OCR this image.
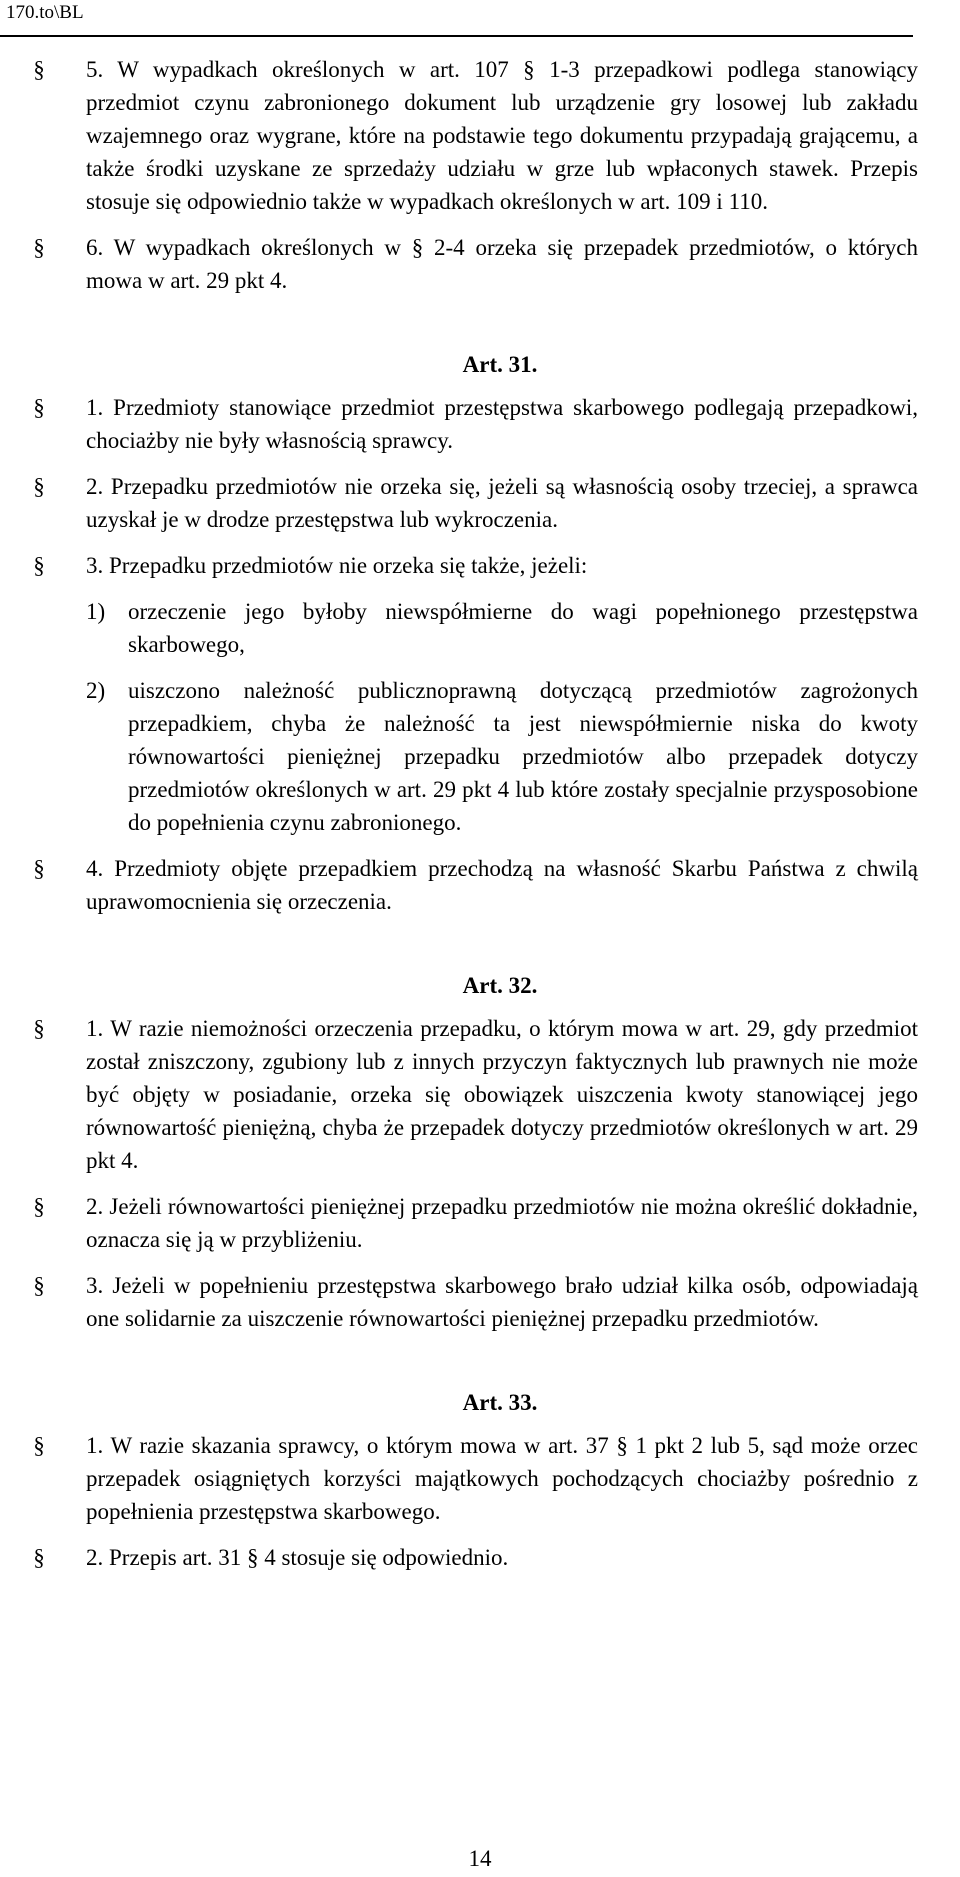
170.to\BL
§	5. W wypadkach określonych w art. 107 § 1-3 przepadkowi podlega stanowiący przedmiot czynu zabronionego dokument lub urządzenie gry losowej lub zakładu wzajemnego oraz wygrane, które na podstawie tego dokumentu przypadają grającemu, a także środki uzyskane ze sprzedaży udziału w grze lub wpłaconych stawek. Przepis stosuje się odpowiednio także w wypadkach określonych w art. 109 i 110.
§	6. W wypadkach określonych w § 2-4 orzeka się przepadek przedmiotów, o których mowa w art. 29 pkt 4.
Art. 31.
§	1. Przedmioty stanowiące przedmiot przestępstwa skarbowego podlegają przepadkowi, chociażby nie były własnością sprawcy.
§	2. Przepadku przedmiotów nie orzeka się, jeżeli są własnością osoby trzeciej, a sprawca uzyskał je w drodze przestępstwa lub wykroczenia.
§	3. Przepadku przedmiotów nie orzeka się także, jeżeli:
1) orzeczenie jego byłoby niewspółmierne do wagi popełnionego przestępstwa skarbowego,
2) uiszczono należność publicznoprawną dotyczącą przedmiotów zagrożonych przepadkiem, chyba że należność ta jest niewspółmiernie niska do kwoty równowartości pieniężnej przepadku przedmiotów albo przepadek dotyczy przedmiotów określonych w art. 29 pkt 4 lub które zostały specjalnie przysposobione do popełnienia czynu zabronionego.
§	4. Przedmioty objęte przepadkiem przechodzą na własność Skarbu Państwa z chwilą uprawomocnienia się orzeczenia.
Art. 32.
§	1. W razie niemożności orzeczenia przepadku, o którym mowa w art. 29, gdy przedmiot został zniszczony, zgubiony lub z innych przyczyn faktycznych lub prawnych nie może być objęty w posiadanie, orzeka się obowiązek uiszczenia kwoty stanowiącej jego równowartość pieniężną, chyba że przepadek dotyczy przedmiotów określonych w art. 29 pkt 4.
§	2. Jeżeli równowartości pieniężnej przepadku przedmiotów nie można określić dokładnie, oznacza się ją w przybliżeniu.
§	3. Jeżeli w popełnieniu przestępstwa skarbowego brało udział kilka osób, odpowiadają one solidarnie za uiszczenie równowartości pieniężnej przepadku przedmiotów.
Art. 33.
§	1. W razie skazania sprawcy, o którym mowa w art. 37 § 1 pkt 2 lub 5, sąd może orzec przepadek osiągniętych korzyści majątkowych pochodzących chociażby pośrednio z popełnienia przestępstwa skarbowego.
§	2. Przepis art. 31 § 4 stosuje się odpowiednio.
14
